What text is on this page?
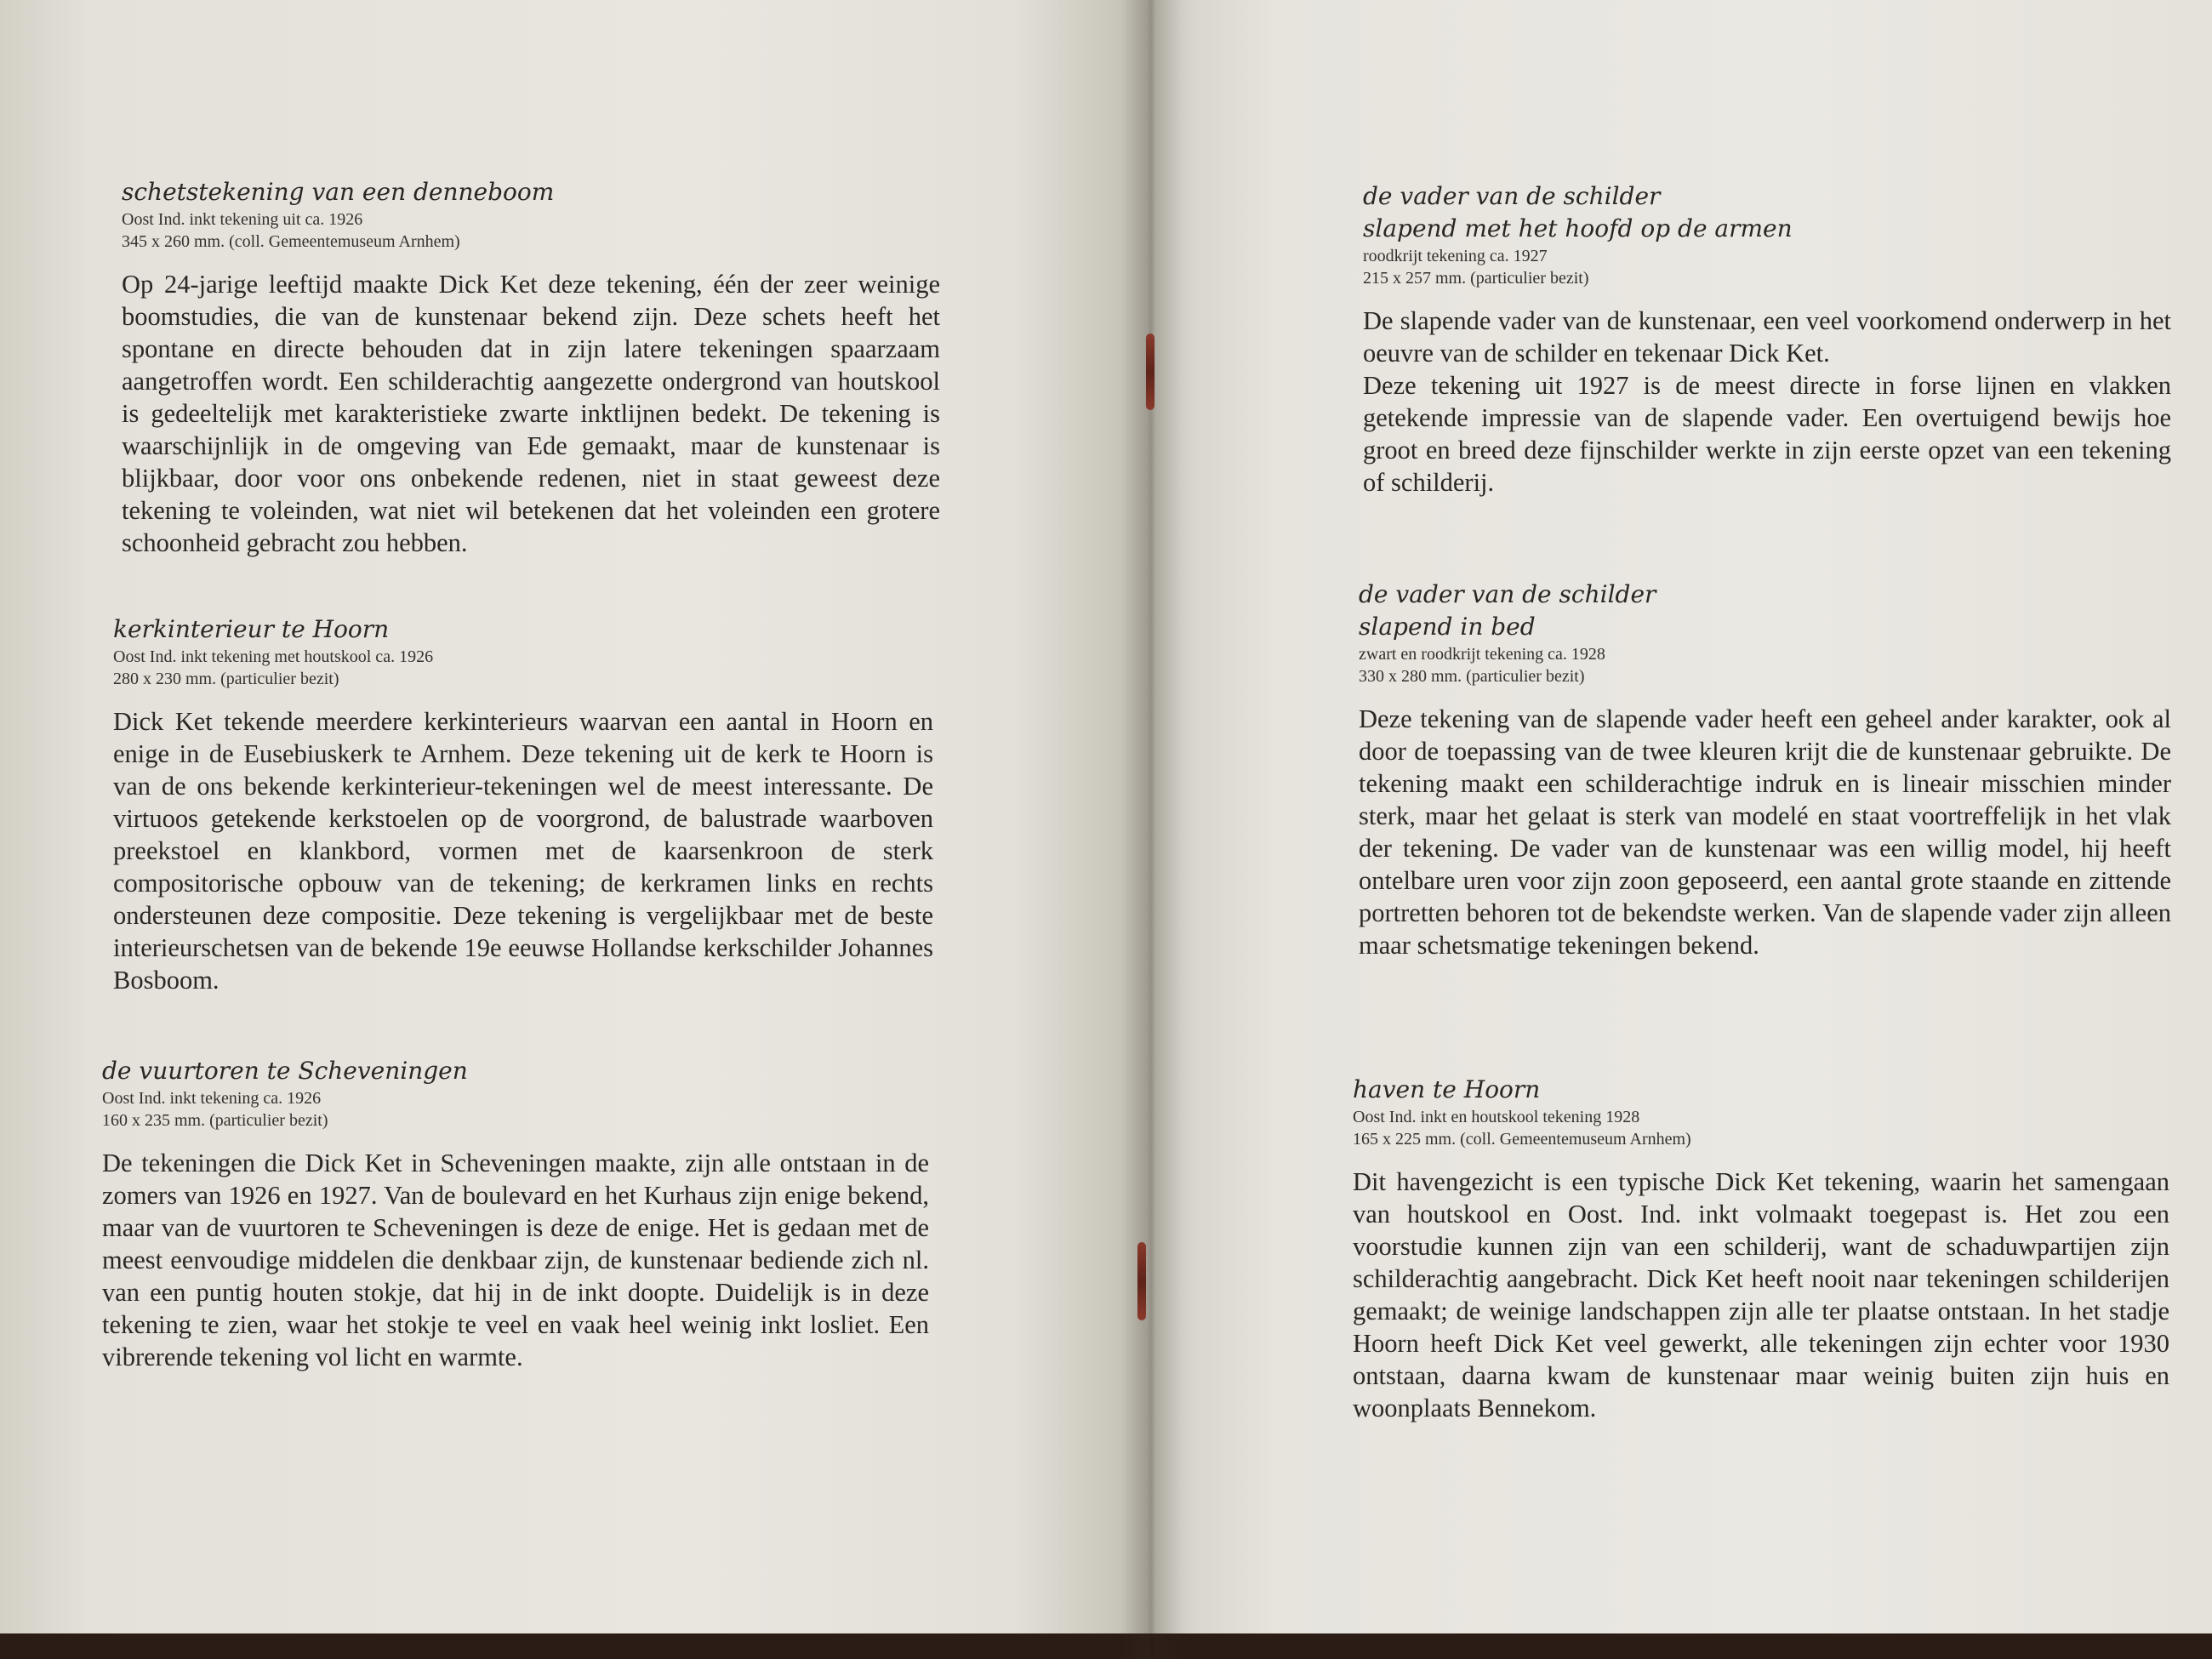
schetstekening van een denneboom

Oost Ind. inkt tekening uit ca. 1926

345 x 260 mm. (coll. Gemeentemuseum Arnhem)

Op 24-jarige leeftijd maakte Dick Ket deze tekening, één der zeer weinige boomstudies, die van de kunstenaar bekend zijn. Deze schets heeft het spontane en directe behouden dat in zijn latere tekeningen spaarzaam aangetroffen wordt. Een schilderachtig aangezette ondergrond van houtskool is gedeeltelijk met karakteristieke zwarte inktlijnen bedekt. De tekening is waarschijnlijk in de omgeving van Ede gemaakt, maar de kunstenaar is blijkbaar, door voor ons onbekende redenen, niet in staat geweest deze tekening te voleinden, wat niet wil betekenen dat het voleinden een grotere schoonheid gebracht zou hebben.

kerkinterieur te Hoorn

Oost Ind. inkt tekening met houtskool ca. 1926

280 x 230 mm. (particulier bezit)

Dick Ket tekende meerdere kerkinterieurs waarvan een aantal in Hoorn en enige in de Eusebiuskerk te Arnhem. Deze tekening uit de kerk te Hoorn is van de ons bekende kerkinterieur-tekeningen wel de meest interessante. De virtuoos getekende kerkstoelen op de voorgrond, de balustrade waarboven preekstoel en klankbord, vormen met de kaarsenkroon de sterk compositorische opbouw van de tekening; de kerkramen links en rechts ondersteunen deze compositie. Deze tekening is vergelijkbaar met de beste interieurschetsen van de bekende 19e eeuwse Hollandse kerkschilder Johannes Bosboom.

de vuurtoren te Scheveningen

Oost Ind. inkt tekening ca. 1926

160 x 235 mm. (particulier bezit)

De tekeningen die Dick Ket in Scheveningen maakte, zijn alle ontstaan in de zomers van 1926 en 1927. Van de boulevard en het Kurhaus zijn enige bekend, maar van de vuurtoren te Scheveningen is deze de enige. Het is gedaan met de meest eenvoudige middelen die denkbaar zijn, de kunstenaar bediende zich nl. van een puntig houten stokje, dat hij in de inkt doopte. Duidelijk is in deze tekening te zien, waar het stokje te veel en vaak heel weinig inkt losliet. Een vibrerende tekening vol licht en warmte.

de vader van de schilder
slapend met het hoofd op de armen

roodkrijt tekening ca. 1927

215 x 257 mm. (particulier bezit)

De slapende vader van de kunstenaar, een veel voorkomend onderwerp in het oeuvre van de schilder en tekenaar Dick Ket.

Deze tekening uit 1927 is de meest directe in forse lijnen en vlakken getekende impressie van de slapende vader. Een overtuigend bewijs hoe groot en breed deze fijnschilder werkte in zijn eerste opzet van een tekening of schilderij.

de vader van de schilder
slapend in bed

zwart en roodkrijt tekening ca. 1928

330 x 280 mm. (particulier bezit)

Deze tekening van de slapende vader heeft een geheel ander karakter, ook al door de toepassing van de twee kleuren krijt die de kunstenaar gebruikte. De tekening maakt een schilderachtige indruk en is lineair misschien minder sterk, maar het gelaat is sterk van modelé en staat voortreffelijk in het vlak der tekening. De vader van de kunstenaar was een willig model, hij heeft ontelbare uren voor zijn zoon geposeerd, een aantal grote staande en zittende portretten behoren tot de bekendste werken. Van de slapende vader zijn alleen maar schetsmatige tekeningen bekend.

haven te Hoorn

Oost Ind. inkt en houtskool tekening 1928

165 x 225 mm. (coll. Gemeentemuseum Arnhem)

Dit havengezicht is een typische Dick Ket tekening, waarin het samengaan van houtskool en Oost. Ind. inkt volmaakt toegepast is. Het zou een voorstudie kunnen zijn van een schilderij, want de schaduwpartijen zijn schilderachtig aangebracht. Dick Ket heeft nooit naar tekeningen schilderijen gemaakt; de weinige landschappen zijn alle ter plaatse ontstaan. In het stadje Hoorn heeft Dick Ket veel gewerkt, alle tekeningen zijn echter voor 1930 ontstaan, daarna kwam de kunstenaar maar weinig buiten zijn huis en woonplaats Bennekom.
